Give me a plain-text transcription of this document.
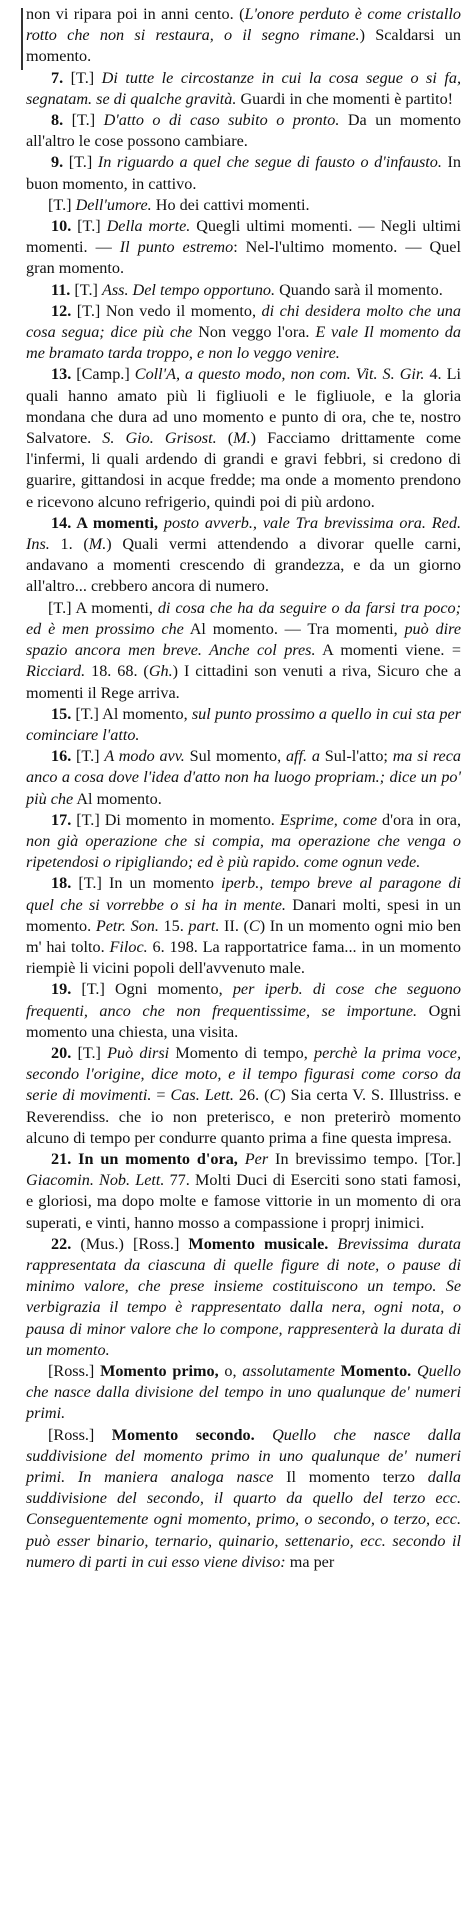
non vi ripara poi in anni cento. (L'onore perduto è come cristallo rotto che non si restaura, o il segno rimane.) Scaldarsi un momento.

7. [T.] Di tutte le circostanze in cui la cosa segue o si fa, segnatam. se di qualche gravità. Guardi in che momenti è partito!

8. [T.] D'atto o di caso subito o pronto. Da un momento all'altro le cose possono cambiare.

9. [T.] In riguardo a quel che segue di fausto o d'infausto. In buon momento, in cattivo.

[T.] Dell'umore. Ho dei cattivi momenti.

10. [T.] Della morte. Quegli ultimi momenti. — Negli ultimi momenti. — Il punto estremo: Nel-l'ultimo momento. — Quel gran momento.

11. [T.] Ass. Del tempo opportuno. Quando sarà il momento.

12. [T.] Non vedo il momento, di chi desidera molto che una cosa segua; dice più che Non veggo l'ora. E vale Il momento da me bramato tarda troppo, e non lo veggo venire.

13. [Camp.] Coll'A, a questo modo, non com. Vit. S. Gir. 4. Li quali hanno amato più li figliuoli e le figliuole, e la gloria mondana che dura ad uno momento e punto di ora, che te, nostro Salvatore. S. Gio. Grisost. (M.) Facciamo drittamente come l'infermi, li quali ardendo di grandi e gravi febbri, si credono di guarire, gittandosi in acque fredde; ma onde a momento prendono e ricevono alcuno refrigerio, quindi poi di più ardono.

14. A momenti, posto avverb., vale Tra brevissima ora. Red. Ins. 1. (M.) Quali vermi attendendo a divorar quelle carni, andavano a momenti crescendo di grandezza, e da un giorno all'altro... crebbero ancora di numero.

[T.] A momenti, di cosa che ha da seguire o da farsi tra poco; ed è men prossimo che Al momento. — Tra momenti, può dire spazio ancora men breve. Anche col pres. A momenti viene. = Ricciard. 18. 68. (Gh.) I cittadini son venuti a riva, Sicuro che a momenti il Rege arriva.

15. [T.] Al momento, sul punto prossimo a quello in cui sta per cominciare l'atto.

16. [T.] A modo avv. Sul momento, aff. a Sul-l'atto; ma si reca anco a cosa dove l'idea d'atto non ha luogo propriam.; dice un po' più che Al momento.

17. [T.] Di momento in momento. Esprime, come d'ora in ora, non già operazione che si compia, ma operazione che venga o ripetendosi o ripigliando; ed è più rapido. come ognun vede.

18. [T.] In un momento iperb., tempo breve al paragone di quel che si vorrebbe o si ha in mente. Danari molti, spesi in un momento. Petr. Son. 15. part. II. (C) In un momento ogni mio ben m' hai tolto. Filoc. 6. 198. La rapportatrice fama... in un momento riempiè li vicini popoli dell'avvenuto male.

19. [T.] Ogni momento, per iperb. di cose che seguono frequenti, anco che non frequentissime, se importune. Ogni momento una chiesta, una visita.

20. [T.] Può dirsi Momento di tempo, perchè la prima voce, secondo l'origine, dice moto, e il tempo figurasi come corso da serie di movimenti. = Cas. Lett. 26. (C) Sia certa V. S. Illustriss. e Reverendiss. che io non preterisco, e non preterirò momento alcuno di tempo per condurre quanto prima a fine questa impresa.

21. In un momento d'ora, Per In brevissimo tempo. [Tor.] Giacomin. Nob. Lett. 77. Molti Duci di Eserciti sono stati famosi, e gloriosi, ma dopo molte e famose vittorie in un momento di ora superati, e vinti, hanno mosso a compassione i proprj inimici.

22. (Mus.) [Ross.] Momento musicale. Brevissima durata rappresentata da ciascuna di quelle figure di note, o pause di minimo valore, che prese insieme costituiscono un tempo. Se verbigrazia il tempo è rappresentato dalla nera, ogni nota, o pausa di minor valore che lo compone, rappresenterà la durata di un momento.

[Ross.] Momento primo, o, assolutamente Momento. Quello che nasce dalla divisione del tempo in uno qualunque de' numeri primi.

[Ross.] Momento secondo. Quello che nasce dalla suddivisione del momento primo in uno qualunque de' numeri primi. In maniera analoga nasce Il momento terzo dalla suddivisione del secondo, il quarto da quello del terzo ecc. Conseguentemente ogni momento, primo, o secondo, o terzo, ecc. può esser binario, ternario, quinario, settenario, ecc. secondo il numero di parti in cui esso viene diviso: ma per
